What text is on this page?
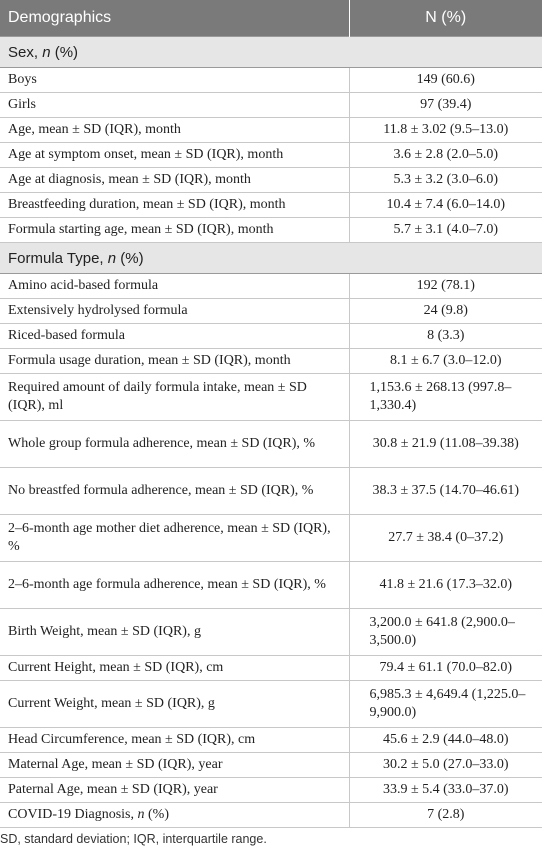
Demographics	N (%)
Sex, n (%)	
Boys	149 (60.6)
Girls	97 (39.4)
Age, mean ± SD (IQR), month	11.8 ± 3.02 (9.5–13.0)
Age at symptom onset, mean ± SD (IQR), month	3.6 ± 2.8 (2.0–5.0)
Age at diagnosis, mean ± SD (IQR), month	5.3 ± 3.2 (3.0–6.0)
Breastfeeding duration, mean ± SD (IQR), month	10.4 ± 7.4 (6.0–14.0)
Formula starting age, mean ± SD (IQR), month	5.7 ± 3.1 (4.0–7.0)
Formula Type, n (%)	
Amino acid-based formula	192 (78.1)
Extensively hydrolysed formula	24 (9.8)
Riced-based formula	8 (3.3)
Formula usage duration, mean ± SD (IQR), month	8.1 ± 6.7 (3.0–12.0)
Required amount of daily formula intake, mean ± SD (IQR), ml	1,153.6 ± 268.13 (997.8–1,330.4)
Whole group formula adherence, mean ± SD (IQR), %	30.8 ± 21.9 (11.08–39.38)
No breastfed formula adherence, mean ± SD (IQR), %	38.3 ± 37.5 (14.70–46.61)
2–6-month age mother diet adherence, mean ± SD (IQR), %	27.7 ± 38.4 (0–37.2)
2–6-month age formula adherence, mean ± SD (IQR), %	41.8 ± 21.6 (17.3–32.0)
Birth Weight, mean ± SD (IQR), g	3,200.0 ± 641.8 (2,900.0–3,500.0)
Current Height, mean ± SD (IQR), cm	79.4 ± 61.1 (70.0–82.0)
Current Weight, mean ± SD (IQR), g	6,985.3 ± 4,649.4 (1,225.0–9,900.0)
Head Circumference, mean ± SD (IQR), cm	45.6 ± 2.9 (44.0–48.0)
Maternal Age, mean ± SD (IQR), year	30.2 ± 5.0 (27.0–33.0)
Paternal Age, mean ± SD (IQR), year	33.9 ± 5.4 (33.0–37.0)
COVID-19 Diagnosis, n (%)	7 (2.8)
SD, standard deviation; IQR, interquartile range.
